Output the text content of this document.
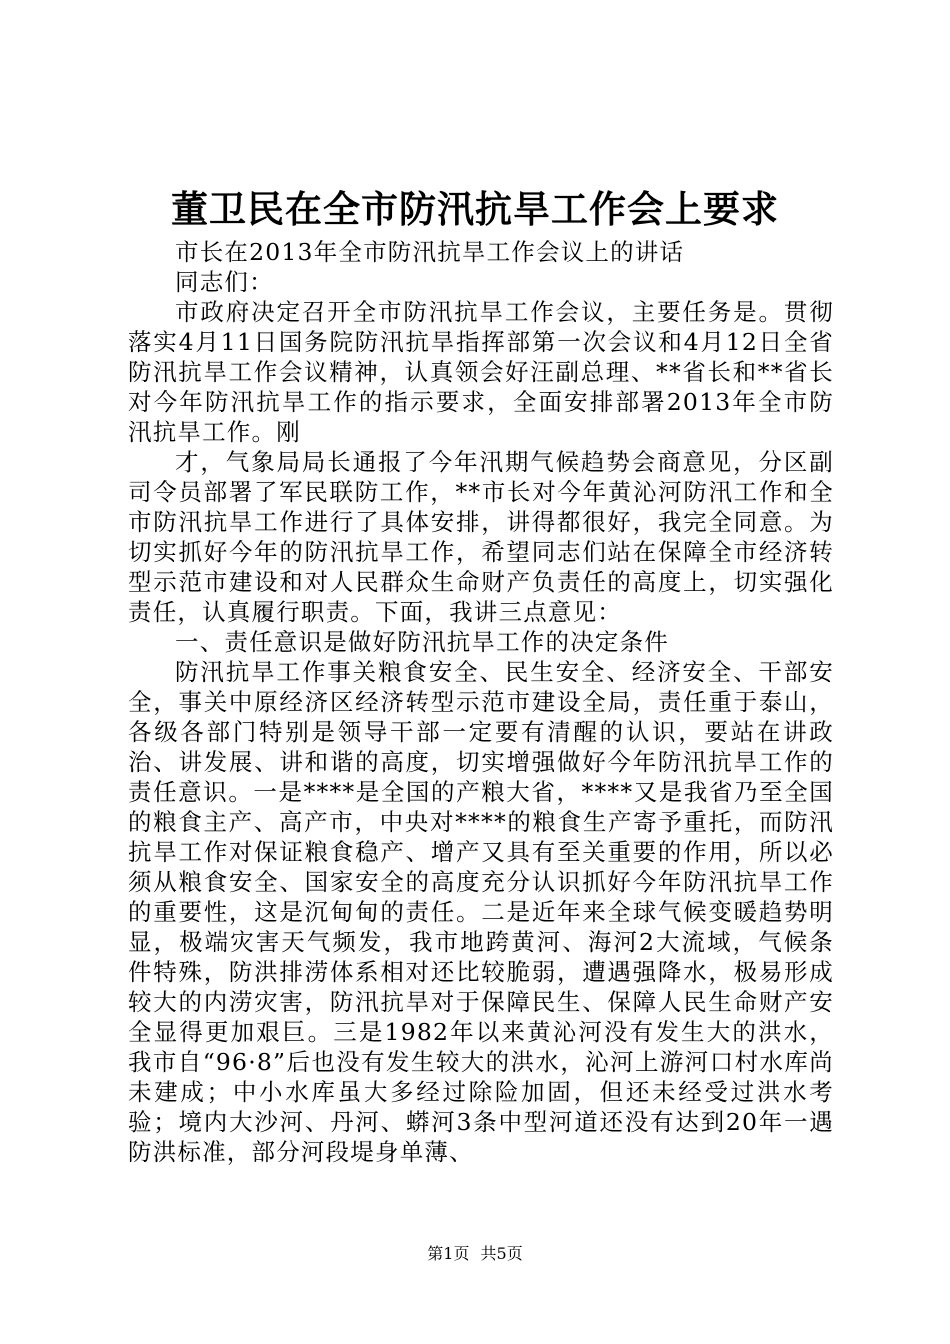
董卫民在全市防汛抗旱工作会上要求

市长在2013年全市防汛抗旱工作会议上的讲话

同志们：

市政府决定召开全市防汛抗旱工作会议，主要任务是。贯彻落实4月11日国务院防汛抗旱指挥部第一次会议和4月12日全省防汛抗旱工作会议精神，认真领会好汪副总理、**省长和**省长对今年防汛抗旱工作的指示要求，全面安排部署2013年全市防汛抗旱工作。刚

才，气象局局长通报了今年汛期气候趋势会商意见，分区副司令员部署了军民联防工作，**市长对今年黄沁河防汛工作和全市防汛抗旱工作进行了具体安排，讲得都很好，我完全同意。为切实抓好今年的防汛抗旱工作，希望同志们站在保障全市经济转型示范市建设和对人民群众生命财产负责任的高度上，切实强化责任，认真履行职责。下面，我讲三点意见：

一、责任意识是做好防汛抗旱工作的决定条件

防汛抗旱工作事关粮食安全、民生安全、经济安全、干部安全，事关中原经济区经济转型示范市建设全局，责任重于泰山，各级各部门特别是领导干部一定要有清醒的认识，要站在讲政治、讲发展、讲和谐的高度，切实增强做好今年防汛抗旱工作的责任意识。一是****是全国的产粮大省，****又是我省乃至全国的粮食主产、高产市，中央对****的粮食生产寄予重托，而防汛抗旱工作对保证粮食稳产、增产又具有至关重要的作用，所以必须从粮食安全、国家安全的高度充分认识抓好今年防汛抗旱工作的重要性，这是沉甸甸的责任。二是近年来全球气候变暖趋势明显，极端灾害天气频发，我市地跨黄河、海河2大流域，气候条件特殊，防洪排涝体系相对还比较脆弱，遭遇强降水，极易形成较大的内涝灾害，防汛抗旱对于保障民生、保障人民生命财产安全显得更加艰巨。三是1982年以来黄沁河没有发生大的洪水，我市自“96·8”后也没有发生较大的洪水，沁河上游河口村水库尚未建成；中小水库虽大多经过除险加固，但还未经受过洪水考验；境内大沙河、丹河、蟒河3条中型河道还没有达到20年一遇防洪标准，部分河段堤身单薄、

第1页 共5页
